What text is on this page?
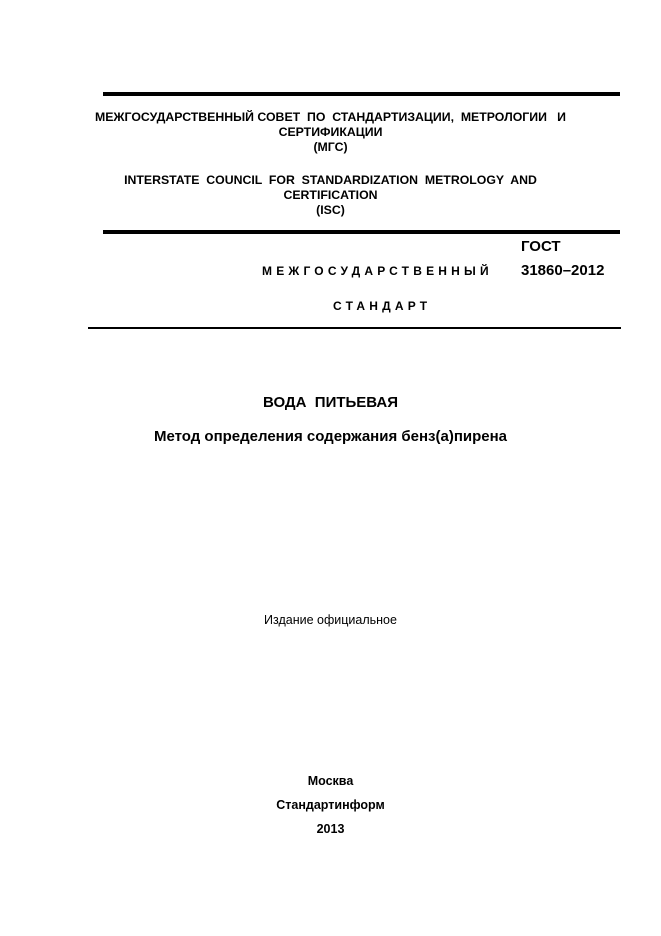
МЕЖГОСУДАРСТВЕННЫЙ СОВЕТ  ПО  СТАНДАРТИЗАЦИИ,  МЕТРОЛОГИИ   И
СЕРТИФИКАЦИИ
(МГС)
INTERSTATE  COUNCIL  FOR  STANDARDIZATION  METROLOGY  AND
CERTIFICATION
(ISC)
ГОСТ
МЕЖГОСУДАРСТВЕННЫЙ 31860–2012
СТАНДАРТ
ВОДА  ПИТЬЕВАЯ
Метод определения содержания бенз(а)пирена
Издание официальное
Москва
Стандартинформ
2013
